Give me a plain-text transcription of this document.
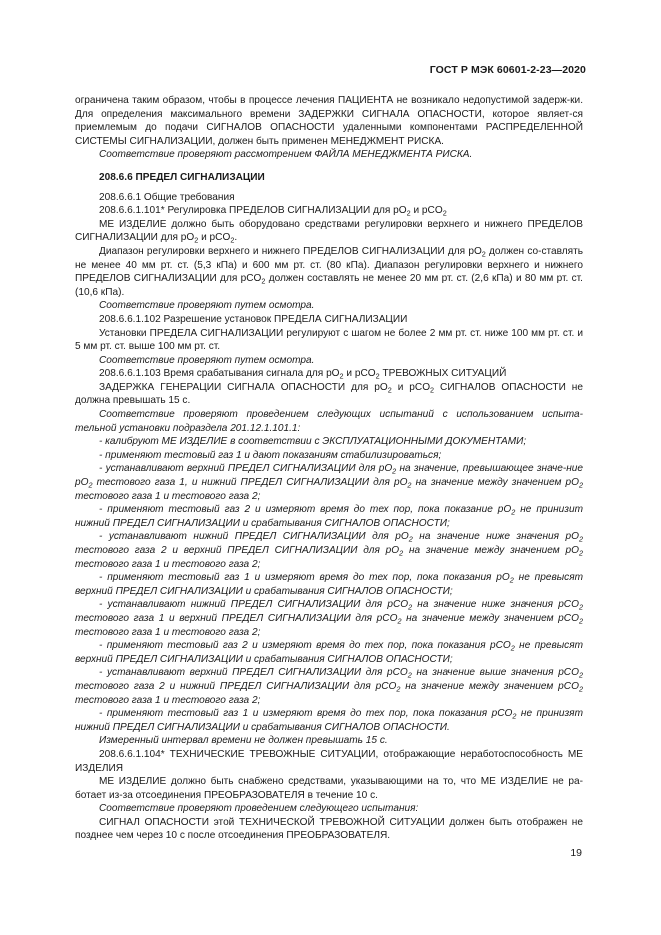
ГОСТ Р МЭК 60601-2-23—2020

ограничена таким образом, чтобы в процессе лечения ПАЦИЕНТА не возникало недопустимой задерж-ки. Для определения максимального времени ЗАДЕРЖКИ СИГНАЛА ОПАСНОСТИ, которое являет-ся приемлемым до подачи СИГНАЛОВ ОПАСНОСТИ удаленными компонентами РАСПРЕДЕЛЕННОЙ СИСТЕМЫ СИГНАЛИЗАЦИИ, должен быть применен МЕНЕДЖМЕНТ РИСКА.

Соответствие проверяют рассмотрением ФАЙЛА МЕНЕДЖМЕНТА РИСКА.

208.6.6 ПРЕДЕЛ СИГНАЛИЗАЦИИ

208.6.6.1 Общие требования

208.6.6.1.101* Регулировка ПРЕДЕЛОВ СИГНАЛИЗАЦИИ для $pO_2$ и pCO$_2$

МЕ ИЗДЕЛИЕ должно быть оборудовано средствами регулировки верхнего и нижнего ПРЕДЕЛОВ СИГНАЛИЗАЦИИ для $pO_2$ и pCO$_2$.

Диапазон регулировки верхнего и нижнего ПРЕДЕЛОВ СИГНАЛИЗАЦИИ для $pO_2$ должен со-ставлять не менее 40 мм рт. ст. (5,3 кПа) и 600 мм рт. ст. (80 кПа). Диапазон регулировки верхнего и нижнего ПРЕДЕЛОВ СИГНАЛИЗАЦИИ для pCO$_2$ должен составлять не менее 20 мм рт. ст. (2,6 кПа) и 80 мм рт. ст. (10,6 кПа).

Соответствие проверяют путем осмотра.

208.6.6.1.102 Разрешение установок ПРЕДЕЛА СИГНАЛИЗАЦИИ

Установки ПРЕДЕЛА СИГНАЛИЗАЦИИ регулируют с шагом не более 2 мм рт. ст. ниже 100 мм рт. ст. и 5 мм рт. ст. выше 100 мм рт. ст.

Соответствие проверяют путем осмотра.

208.6.6.1.103 Время срабатывания сигнала для $pO_2$ и pCO$_2$ ТРЕВОЖНЫХ СИТУАЦИЙ

ЗАДЕРЖКА ГЕНЕРАЦИИ СИГНАЛА ОПАСНОСТИ для $pO_2$ и pCO$_2$ СИГНАЛОВ ОПАСНОСТИ не должна превышать 15 с.

Соответствие проверяют проведением следующих испытаний с использованием испыта-тельной установки подраздела 201.12.1.101.1:

- калибруют МЕ ИЗДЕЛИЕ в соответствии с ЭКСПЛУАТАЦИОННЫМИ ДОКУМЕНТАМИ;

- применяют тестовый газ 1 и дают показаниям стабилизироваться;

- устанавливают верхний ПРЕДЕЛ СИГНАЛИЗАЦИИ для $pO_2$ на значение, превышающее значе-ние $pO_2$ тестового газа 1, и нижний ПРЕДЕЛ СИГНАЛИЗАЦИИ для $pO_2$ на значение между значением $pO_2$ тестового газа 1 и тестового газа 2;

- применяют тестовый газ 2 и измеряют время до тех пор, пока показание $pO_2$ не принизит нижний ПРЕДЕЛ СИГНАЛИЗАЦИИ и срабатывания СИГНАЛОВ ОПАСНОСТИ;

- устанавливают нижний ПРЕДЕЛ СИГНАЛИЗАЦИИ для $pO_2$ на значение ниже значения $pO_2$ тестового газа 2 и верхний ПРЕДЕЛ СИГНАЛИЗАЦИИ для $pO_2$ на значение между значением $pO_2$ тестового газа 1 и тестового газа 2;

- применяют тестовый газ 1 и измеряют время до тех пор, пока показания $pO_2$ не превысят верхний ПРЕДЕЛ СИГНАЛИЗАЦИИ и срабатывания СИГНАЛОВ ОПАСНОСТИ;

- устанавливают нижний ПРЕДЕЛ СИГНАЛИЗАЦИИ для pCO$_2$ на значение ниже значения pCO$_2$ тестового газа 1 и верхний ПРЕДЕЛ СИГНАЛИЗАЦИИ для pCO$_2$ на значение между значением pCO$_2$ тестового газа 1 и тестового газа 2;

- применяют тестовый газ 2 и измеряют время до тех пор, пока показания pCO$_2$ не превысят верхний ПРЕДЕЛ СИГНАЛИЗАЦИИ и срабатывания СИГНАЛОВ ОПАСНОСТИ;

- устанавливают верхний ПРЕДЕЛ СИГНАЛИЗАЦИИ для pCO$_2$ на значение выше значения pCO$_2$ тестового газа 2 и нижний ПРЕДЕЛ СИГНАЛИЗАЦИИ для pCO$_2$ на значение между значением pCO$_2$ тестового газа 1 и тестового газа 2;

- применяют тестовый газ 1 и измеряют время до тех пор, пока показания pCO$_2$ не принизят нижний ПРЕДЕЛ СИГНАЛИЗАЦИИ и срабатывания СИГНАЛОВ ОПАСНОСТИ.

Измеренный интервал времени не должен превышать 15 с.

208.6.6.1.104* ТЕХНИЧЕСКИЕ ТРЕВОЖНЫЕ СИТУАЦИИ, отображающие неработоспособность МЕ ИЗДЕЛИЯ

МЕ ИЗДЕЛИЕ должно быть снабжено средствами, указывающими на то, что МЕ ИЗДЕЛИЕ не ра-ботает из-за отсоединения ПРЕОБРАЗОВАТЕЛЯ в течение 10 с.

Соответствие проверяют проведением следующего испытания:

СИГНАЛ ОПАСНОСТИ этой ТЕХНИЧЕСКОЙ ТРЕВОЖНОЙ СИТУАЦИИ должен быть отображен не позднее чем через 10 с после отсоединения ПРЕОБРАЗОВАТЕЛЯ.

19
